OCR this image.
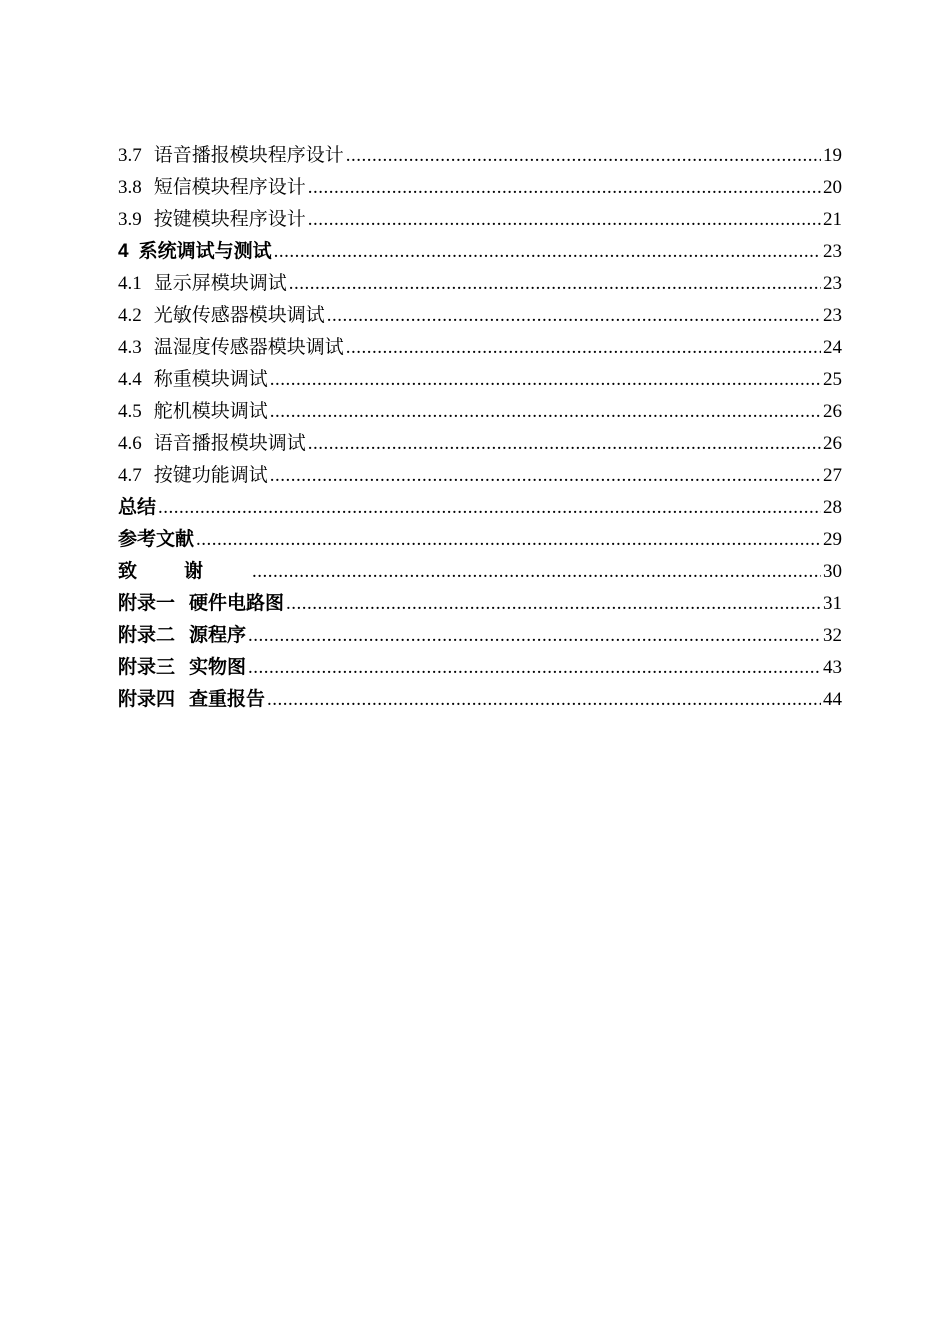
3.7 语音播报模块程序设计 .....	19
3.8 短信模块程序设计 .....	20
3.9 按键模块程序设计 .....	21
4 系统调试与测试 .....	23
4.1 显示屏模块调试 .....	23
4.2 光敏传感器模块调试 .....	23
4.3 温湿度传感器模块调试 .....	24
4.4 称重模块调试 .....	25
4.5 舵机模块调试 .....	26
4.6 语音播报模块调试 .....	26
4.7 按键功能调试 .....	27
总结 .....	28
参考文献 .....	29
致谢 .....	30
附录一 硬件电路图 .....	31
附录二 源程序 .....	32
附录三 实物图 .....	43
附录四 查重报告 .....	44
